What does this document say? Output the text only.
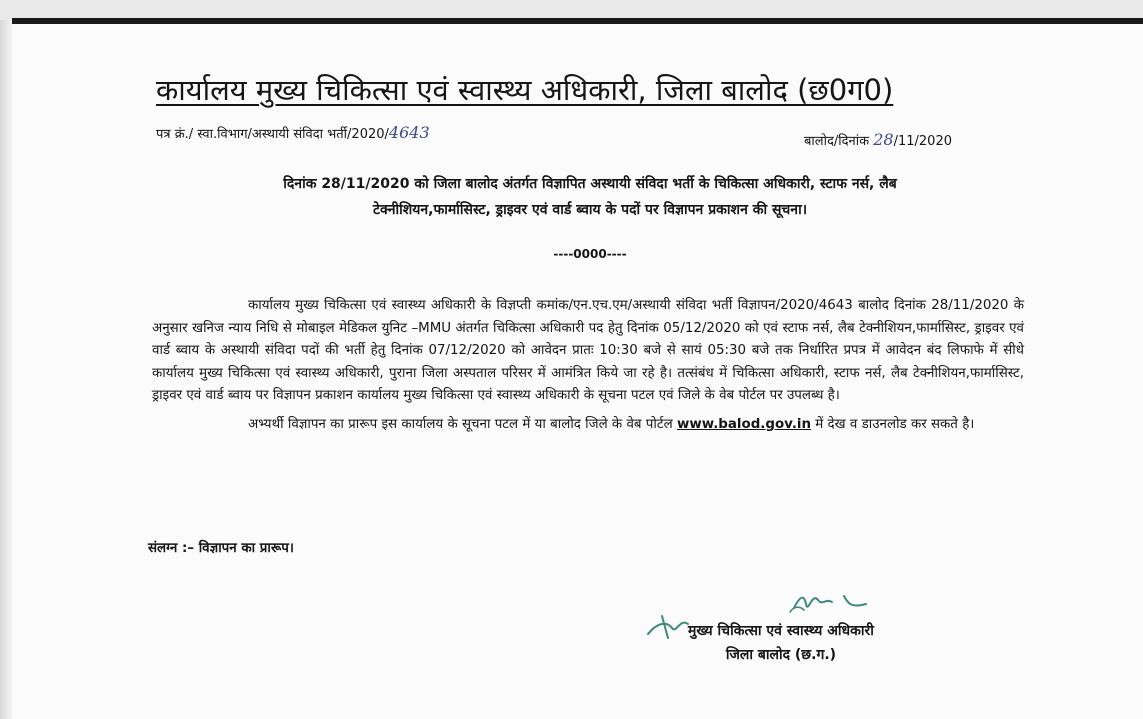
कार्यालय मुख्य चिकित्सा एवं स्वास्थ्य अधिकारी, जिला बालोद (छ0ग0)
पत्र क्रं./ स्वा.विभाग/अस्थायी संविदा भर्ती/2020/4643	बालोद/दिनांक 28/11/2020
दिनांक 28/11/2020 को जिला बालोद अंतर्गत विज्ञापित अस्थायी संविदा भर्ती के चिकित्सा अधिकारी, स्टाफ नर्स, लैब
टेक्नीशियन,फार्मासिस्ट, ड्राइवर एवं वार्ड ब्वाय के पदों पर विज्ञापन प्रकाशन की सूचना।
----0000----

कार्यालय मुख्य चिकित्सा एवं स्वास्थ्य अधिकारी के विज्ञप्ती कमांक/एन.एच.एम/अस्थायी संविदा भर्ती विज्ञापन/2020/4643 बालोद दिनांक 28/11/2020 के अनुसार खनिज न्याय निधि से मोबाइल मेडिकल युनिट –MMU अंतर्गत चिकित्सा अधिकारी पद हेतु दिनांक 05/12/2020 को एवं स्टाफ नर्स, लैब टेक्नीशियन,फार्मासिस्ट, ड्राइवर एवं वार्ड ब्वाय के अस्थायी संविदा पदों की भर्ती हेतु दिनांक 07/12/2020 को आवेदन प्रातः 10:30 बजे से सायं 05:30 बजे तक निर्धारित प्रपत्र में आवेदन बंद लिफाफे में सीधे कार्यालय मुख्य चिकित्सा एवं स्वास्थ्य अधिकारी, पुराना जिला अस्पताल परिसर में आमंत्रित किये जा रहे है। तत्संबंध में चिकित्सा अधिकारी, स्टाफ नर्स, लैब टेक्नीशियन,फार्मासिस्ट, ड्राइवर एवं वार्ड ब्वाय पर विज्ञापन प्रकाशन कार्यालय मुख्य चिकित्सा एवं स्वास्थ्य अधिकारी के सूचना पटल एवं जिले के वेब पोर्टल पर उपलब्ध है।

अभ्यर्थी विज्ञापन का प्रारूप इस कार्यालय के सूचना पटल में या बालोद जिले के वेब पोर्टल www.balod.gov.in में देख व डाउनलोड कर सकते है।

संलग्न :– विज्ञापन का प्रारूप।
मुख्य चिकित्सा एवं स्वास्थ्य अधिकारी
जिला बालोद (छ.ग.)
